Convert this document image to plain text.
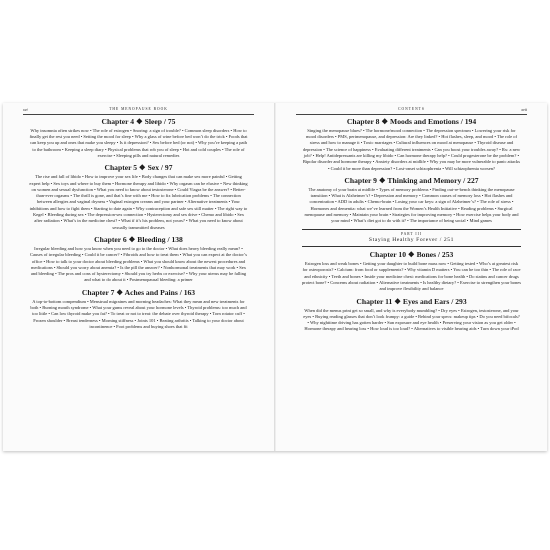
xvi	THE MENOPAUSE BOOK
Chapter 4 ❖ Sleep / 75

Why insomnia often strikes now • The role of estrogen • Snoring: a sign of trouble? • Common sleep disorders • How to finally get the rest you need • Setting the mood for sleep • Why a glass of wine before bed won’t do the trick • Foods that can keep you up and ones that make you sleepy • Is it depression? • Sex before bed (or not) • Why you’re keeping a path to the bathroom • Keeping a sleep diary • Physical problems that rob you of sleep • Hot and cold couples • The role of exercise • Sleeping pills and natural remedies

Chapter 5 ❖ Sex / 97

The rise and fall of libido • How to improve your sex life • Body changes that can make sex more painful • Getting expert help • Sex toys and where to buy them • Hormone therapy and libido • Why orgasm can be elusive • New thinking on women and sexual dysfunction • What you need to know about testosterone • Could Viagra be the answer? • Better-than-ever orgasms • The thrill is gone, and that’s fine with me • How to fix lubrication problems • The connection between allergies and vaginal dryness • Vaginal estrogen creams and your partner • Alternative treatments • Your inhibitions and how to fight them • Starting to date again • Why contraception and safe sex still matter • The right way to Kegel • Bleeding during sex • The depression-sex connection • Hysterectomy and sex drive • Chemo and libido • Sex after radiation • What’s in the medicine chest? • What if it’s his problem, not yours? • What you need to know about sexually transmitted diseases

Chapter 6 ❖ Bleeding / 138

Irregular bleeding and how you know when you need to go to the doctor • What does heavy bleeding really mean? • Causes of irregular bleeding • Could it be cancer? • Fibroids and how to treat them • What you can expect at the doctor’s office • How to talk to your doctor about bleeding problems • What you should know about the newest procedures and medications • Should you worry about anemia? • Is the pill the answer? • Nonhormonal treatments that may work • Sex and bleeding • The pros and cons of hysterectomy • Should you try herbs or exercise? • Why your uterus may be falling and what to do about it • Postmenopausal bleeding: a primer

Chapter 7 ❖ Aches and Pains / 163

A top-to-bottom compendium • Menstrual migraines and morning headaches: What they mean and new treatments for both • Burning mouth syndrome • What your gums reveal about your hormone levels • Thyroid problems: too much and too little • Can low thyroid make you fat? • To treat or not to treat: the debate over thyroid therapy • Torn rotator cuff • Frozen shoulder • Breast tenderness • Morning stiffness • Joints 101 • Beating arthritis • Talking to your doctor about incontinence • Foot problems and buying shoes that fit

CONTENTS	xvii
Chapter 8 ❖ Moods and Emotions / 194

Singing the menopause blues? • The hormone/mood connection • The depression spectrum • Lowering your risk for mood disorders • PMS, perimenopause, and depression: Are they linked? • Hot flashes, sleep, and mood • The role of stress and how to manage it • Toxic marriages • Cultural influences on mood at menopause • Thyroid disease and depression • The science of happiness • Evaluating different treatments • Can you boost your troubles away? • Rx: a new job? • Help! Antidepressants are killing my libido • Can hormone therapy help? • Could progesterone be the problem? • Bipolar disorder and hormone therapy • Anxiety disorders at midlife • Why you may be more vulnerable to panic attacks • Could it be more than depression? • Lost-onset schizophrenia • Will schizophrenia worsen?

Chapter 9 ❖ Thinking and Memory / 227

The anatomy of your brain at midlife • Types of memory problems • Finding out-re-bench thinking the menopause transition • What is Alzheimer’s? • Depression and memory • Common causes of memory loss • Hot flashes and concentration • ADD in adults • Chemo-brain • Losing your car keys: a sign of Alzheimer’s? • The role of stress • Hormones and dementia: what we’ve learned from the Women’s Health Initiative • Reading problems • Surgical menopause and memory • Maintain your brain • Strategies for improving memory • How exercise helps your body and your mind • What’s diet got to do with it? • The importance of being social • Mind games

PART III
Staying Healthy Forever / 251
Chapter 10 ❖ Bones / 253

Estrogen loss and weak bones • Getting your daughter to build bone mass now • Getting tested • Who’s at greatest risk for osteoporosis? • Calcium: from food or supplements? • Why vitamin D matters • You can be too thin • The role of race and ethnicity • Teeth and bones • Inside your medicine chest: medications for bone health • Do statins and cancer drugs protect bone? • Concerns about radiation • Alternative treatments • Is healthy dietary? • Exercise to strengthen your bones and improve flexibility and balance

Chapter 11 ❖ Eyes and Ears / 293

When did the menus print get so small, and why is everybody mumbling? • Dry eyes • Estrogen, testosterone, and your eyes • Buying reading glasses that don’t look frumpy: a guide • Behind your specs: makeup tips • Do you need bifocals? • Why nighttime driving has gotten harder • Sun exposure and eye health • Preserving your vision as you get older • Hormone therapy and hearing loss • How loud is too loud? • Alternatives to visible hearing aids • Turn down your iPod
